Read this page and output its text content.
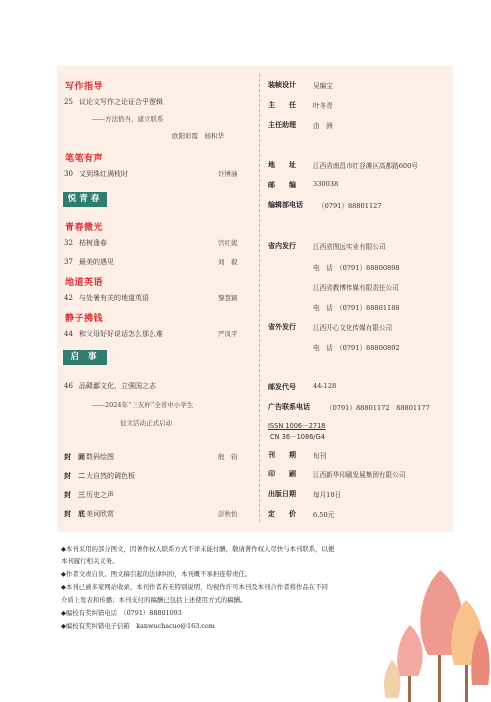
写作指导
25 议论文写作之论证合乎逻辑
——方法恰当，建立联系
欧阳彩霞　杨积华
笔笔有声
30 又到珠红满枝时	许博涵
悦青春
青春微光
32 枯树逢春	宫红妮
37 最美的遇见	刘　毅
地道英语
42 与处暑有关的地道英语	黎慧颖
静子拂钱
44 和父母好好说话怎么那么难	严凤平
启 事
46 品赣鄱文化，立强国之志
——2024年“三友杯”全省中小学生
征文活动正式启动
封　面 数码绘图	殷　钧
封　二 大自然的调色板
封　三 历史之声
封　底 美词欣赏	彭秋怡
装帧设计	吴编宝
主　　任	叶冬青
主任助理	由　洲
地　　址	江西省南昌市红谷滩区高都路600号
邮　　编	330038
编辑部电话 （0791）88801127
省内发行	江西省图远实业有限公司
电　话　（0791）88800898
江西省教博传媒有限责任公司
电　话　（0791）88801188
省外发行	江西开心文化传媒有限公司
电　话　（0791）88800892
邮发代号	44-128
广告联系电话 （0791）88801172　88801177
ISSN 1006－2718
CN 36－1086/G4
刊　　期	旬刊
印　　刷	江西新华印刷发展集团有限公司
出版日期	每月10日
定　　价	6.50元
◆本刊采用的部分图文，因著作权人联系方式不详未能付酬，敬请著作权人尽快与本刊联系，以便
本刊履行相关义务。
◆作者文责自负。图文稿引起的法律纠纷，本刊概不承担连带责任。
◆本刊已被多家网站收录，本刊作者若无特别说明，均视作许可本刊及本刊合作者将作品在不同
介质上发表和传播；本刊支付的稿酬已包括上述使用方式的稿酬。
◆编校有奖纠错电话　（0791）88801093
◆编校有奖纠错电子信箱　kanwuchacuo@163.com
